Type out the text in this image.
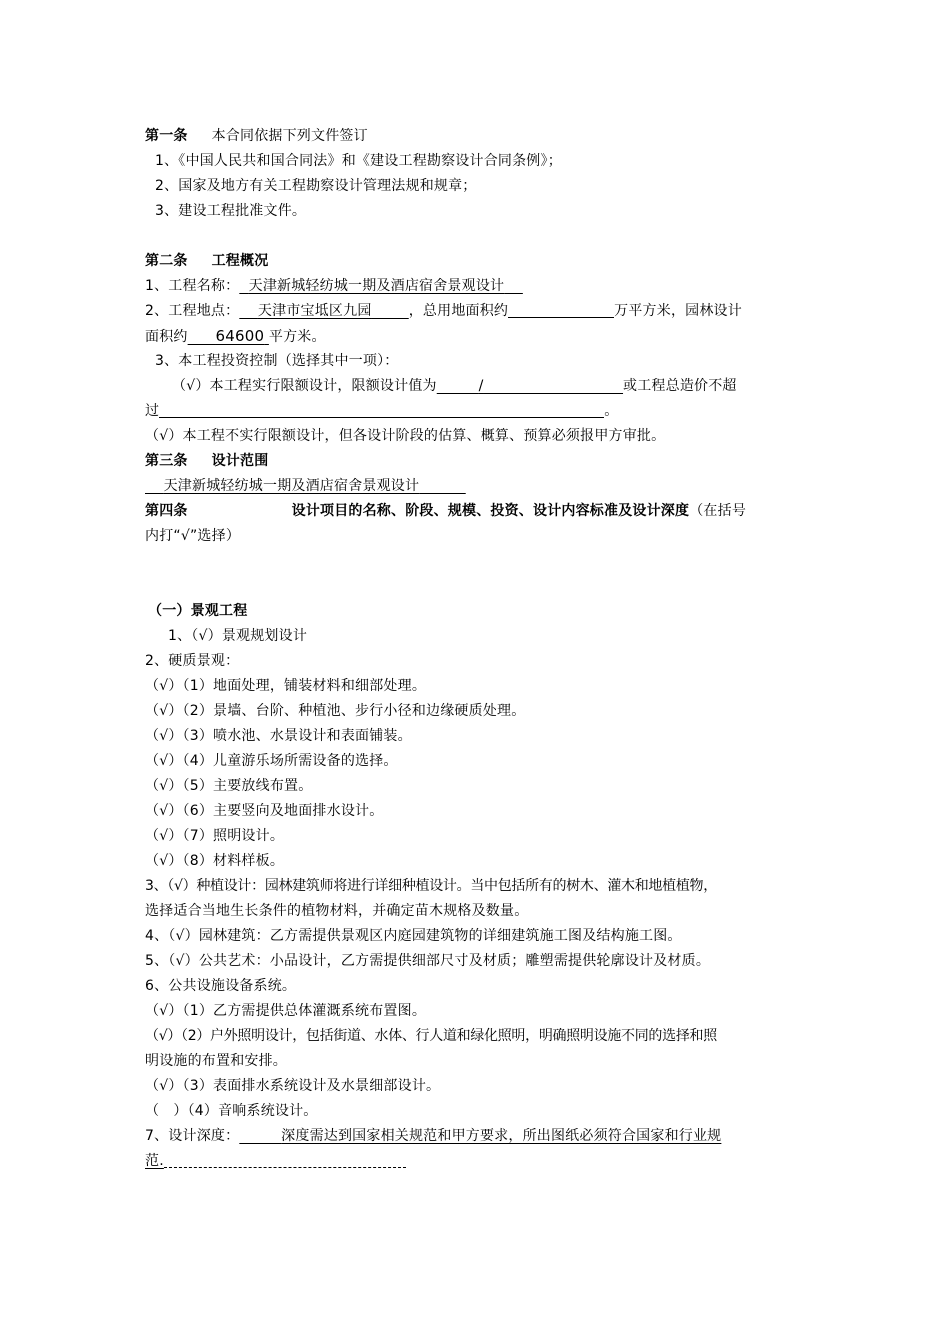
第一条 本合同依据下列文件签订
1、《中国人民共和国合同法》和《建设工程勘察设计合同条例》；
2、国家及地方有关工程勘察设计管理法规和规章；
3、建设工程批准文件。
第二条 工程概况
1、工程名称： 天津新城轻纺城一期及酒店宿舍景观设计
2、工程地点： 天津市宝坻区九园	，总用地面积约	万平方米，园林设计
面积约 64600 平方米。
3、本工程投资控制（选择其中一项）：
（√）本工程实行限额设计，限额设计值为	/	或工程总造价不超
过	。
（√）本工程不实行限额设计，但各设计阶段的估算、概算、预算必须报甲方审批。
第三条 设计范围
天津新城轻纺城一期及酒店宿舍景观设计
第四条	设计项目的名称、阶段、规模、投资、设计内容标准及设计深度（在括号
内打“√”选择）
（一）景观工程
1、（√）景观规划设计
2、硬质景观：
（√）（1）地面处理，铺装材料和细部处理。
（√）（2）景墙、台阶、种植池、步行小径和边缘硬质处理。
（√）（3）喷水池、水景设计和表面铺装。
（√）（4）儿童游乐场所需设备的选择。
（√）（5）主要放线布置。
（√）（6）主要竖向及地面排水设计。
（√）（7）照明设计。
（√）（8）材料样板。
3、（√）种植设计：园林建筑师将进行详细种植设计。当中包括所有的树木、灌木和地植植物，
选择适合当地生长条件的植物材料，并确定苗木规格及数量。
4、（√）园林建筑：乙方需提供景观区内庭园建筑物的详细建筑施工图及结构施工图。
5、（√）公共艺术：小品设计，乙方需提供细部尺寸及材质；雕塑需提供轮廓设计及材质。
6、公共设施设备系统。
（√）（1）乙方需提供总体灌溉系统布置图。
（√）（2）户外照明设计，包括街道、水体、行人道和绿化照明，明确照明设施不同的选择和照
明设施的布置和安排。
（√）（3）表面排水系统设计及水景细部设计。
（　）（4）音响系统设计。
7、设计深度：	深度需达到国家相关规范和甲方要求，所出图纸必须符合国家和行业规
范.
